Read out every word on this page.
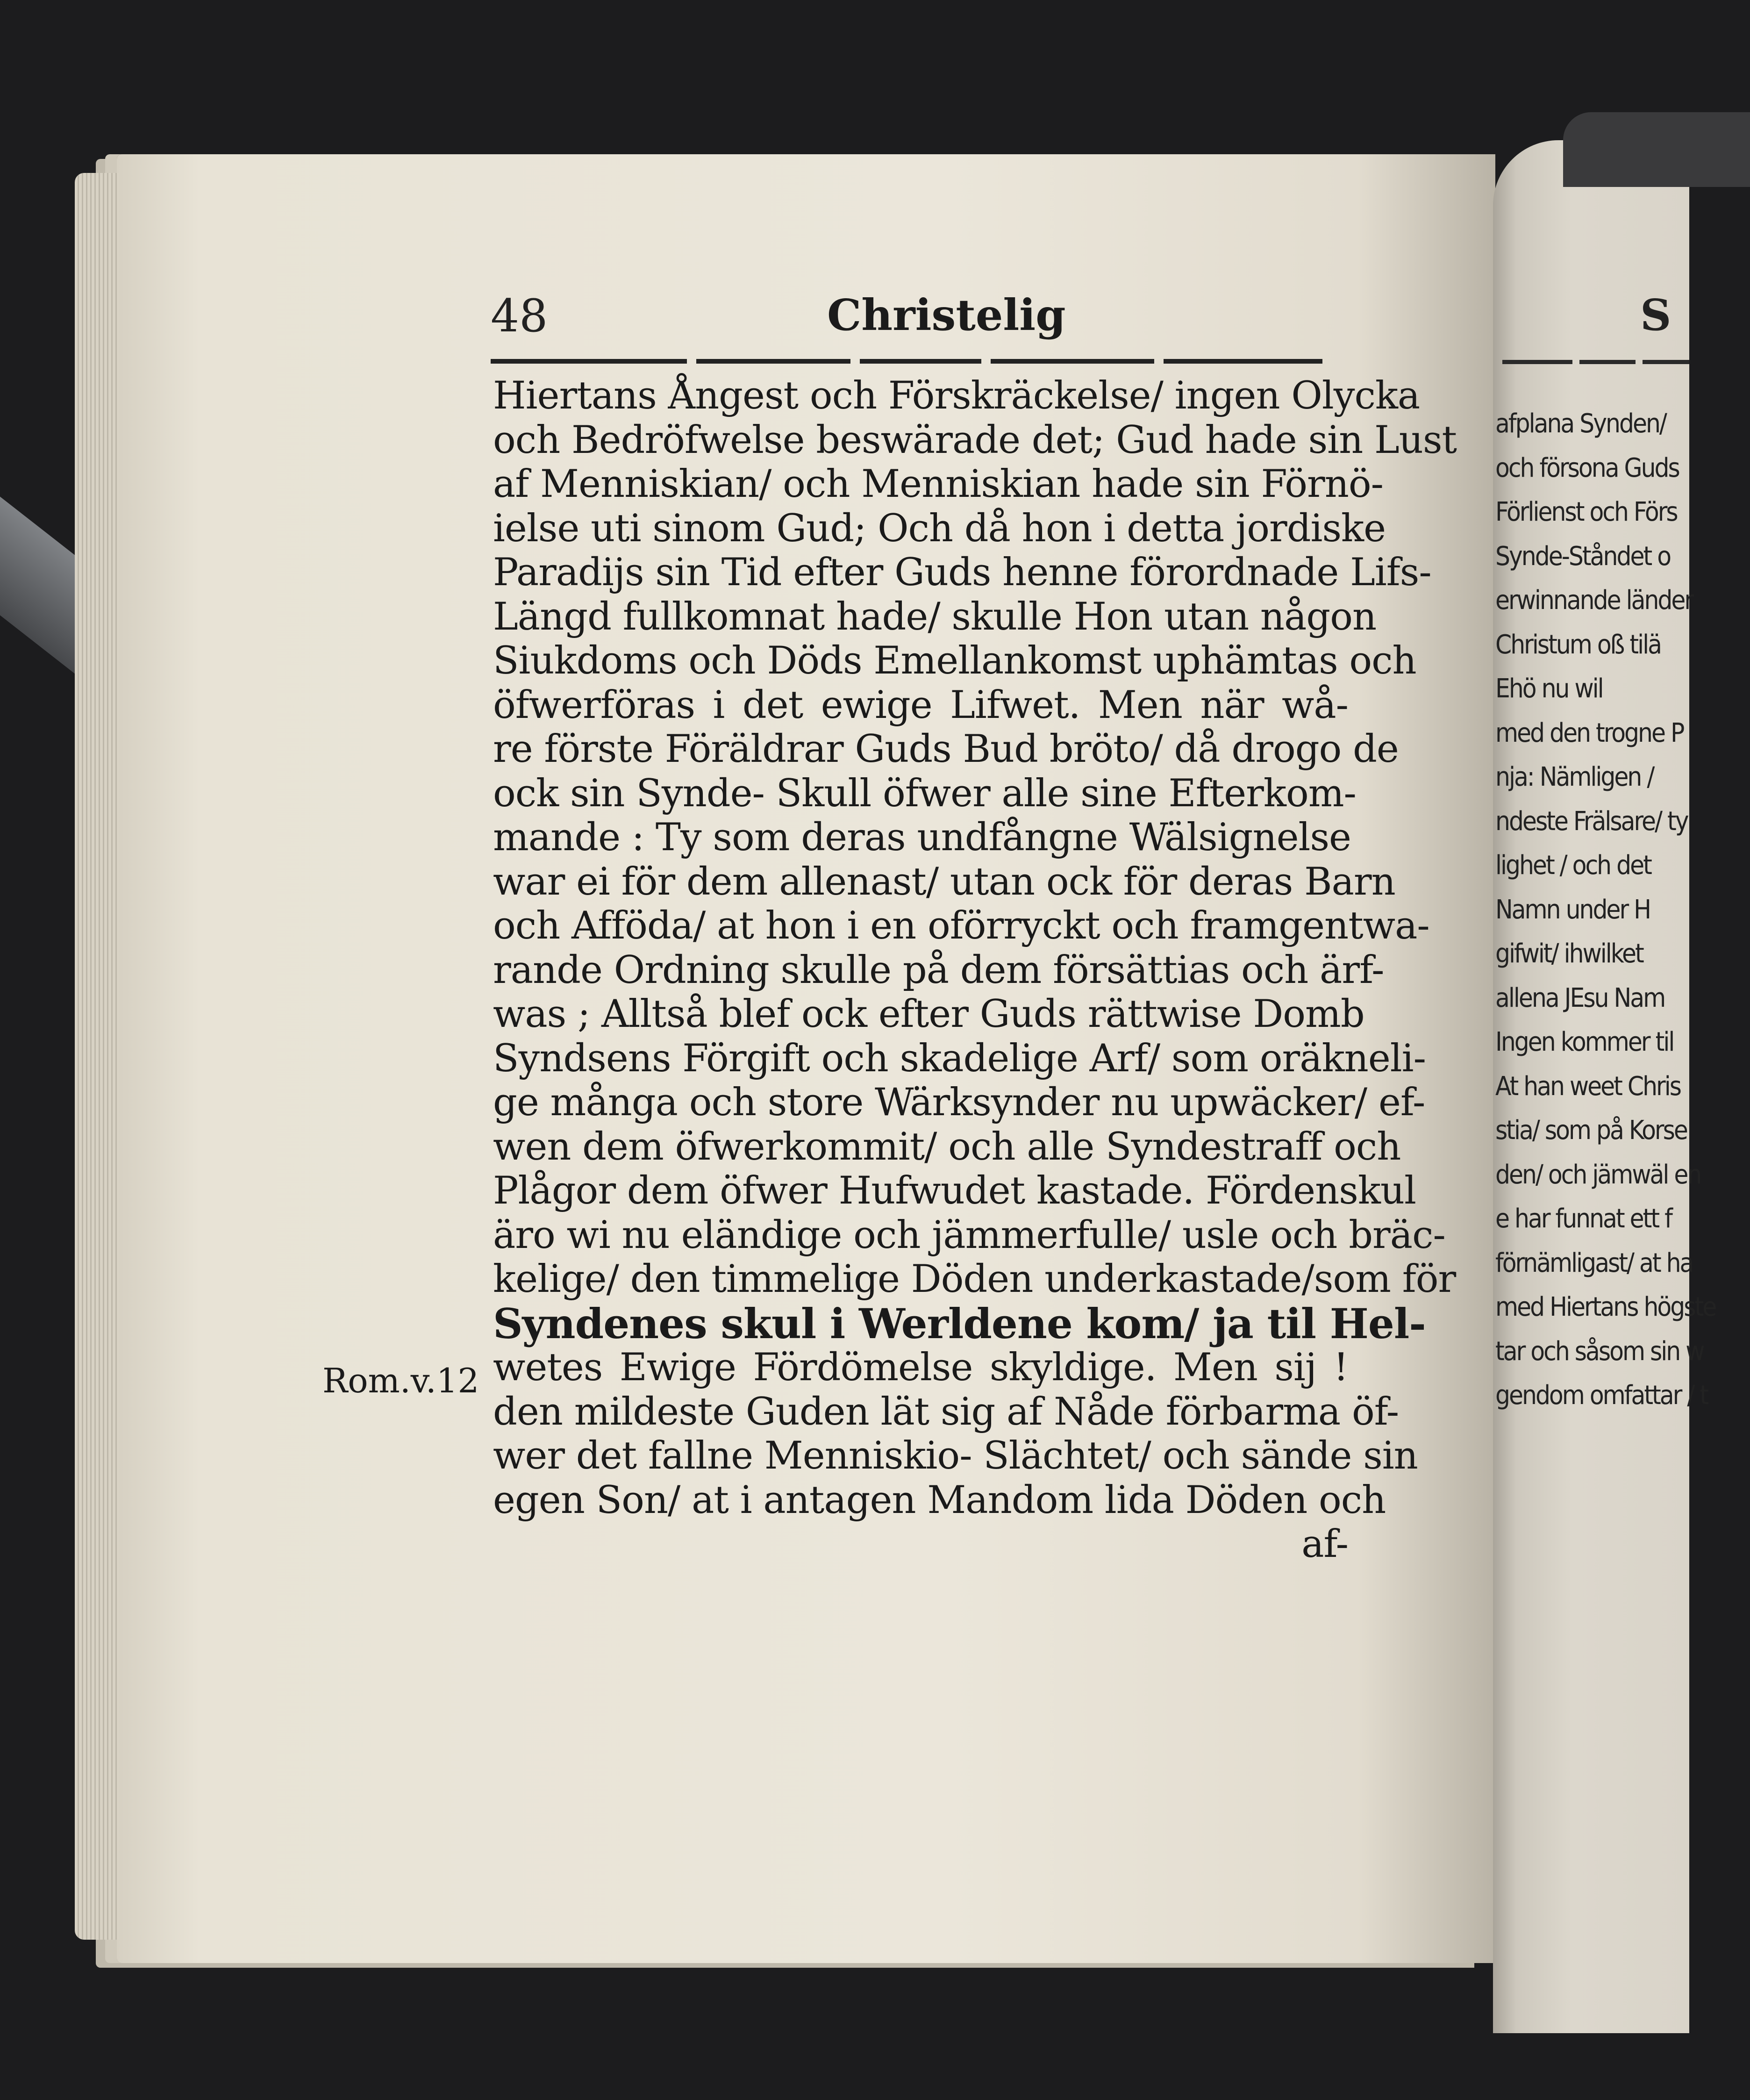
48	Christelig
Hiertans Ångest och Förskräckelse/ ingen Olycka
och Bedröfwelse beswärade det; Gud hade sin Lust
af Menniskian/ och Menniskian hade sin Förnö-
ielse uti sinom Gud; Och då hon i detta jordiske
Paradijs sin Tid efter Guds henne förordnade Lifs-
Längd fullkomnat hade/ skulle Hon utan någon
Siukdoms och Döds Emellankomst uphämtas och
öfwerföras i det ewige Lifwet. Men när wå-
re förste Föräldrar Guds Bud bröto/ då drogo de
ock sin Synde- Skull öfwer alle sine Efterkom-
mande : Ty som deras undfångne Wälsignelse
war ei för dem allenast/ utan ock för deras Barn
och Afföda/ at hon i en oförryckt och framgentwa-
rande Ordning skulle på dem försättias och ärf-
was ; Alltså blef ock efter Guds rättwise Domb
Syndsens Förgift och skadelige Arf/ som oräkneli-
ge många och store Wärksynder nu upwäcker/ ef-
wen dem öfwerkommit/ och alle Syndestraff och
Plågor dem öfwer Hufwudet kastade. Fördenskul
äro wi nu eländige och jämmerfulle/ usle och bräc-
kelige/ den timmelige Döden underkastade/som för
Syndenes skul i Werldene kom/ ja til Hel-
wetes Ewige Fördömelse skyldige. Men sij !
den mildeste Guden lät sig af Nåde förbarma öf-
wer det fallne Menniskio- Slächtet/ och sände sin
egen Son/ at i antagen Mandom lida Döden och
af-
Rom.v.12
S
afplana Synden/
och försona Guds
Förlienst och Förs
Synde-Ståndet o
erwinnande länder
Christum oß tilä
Ehö nu wil
med den trogne P
nja: Nämligen /
ndeste Frälsare/ ty
lighet / och det
Namn under H
gifwit/ ihwilket
allena JEsu Nam
Ingen kommer til
At han weet Chris
stia/ som på Korse
den/ och jämwäl en
e har funnat ett f
förnämligast/ at ha
med Hiertans högste
tar och såsom sin w
gendom omfattar / t
